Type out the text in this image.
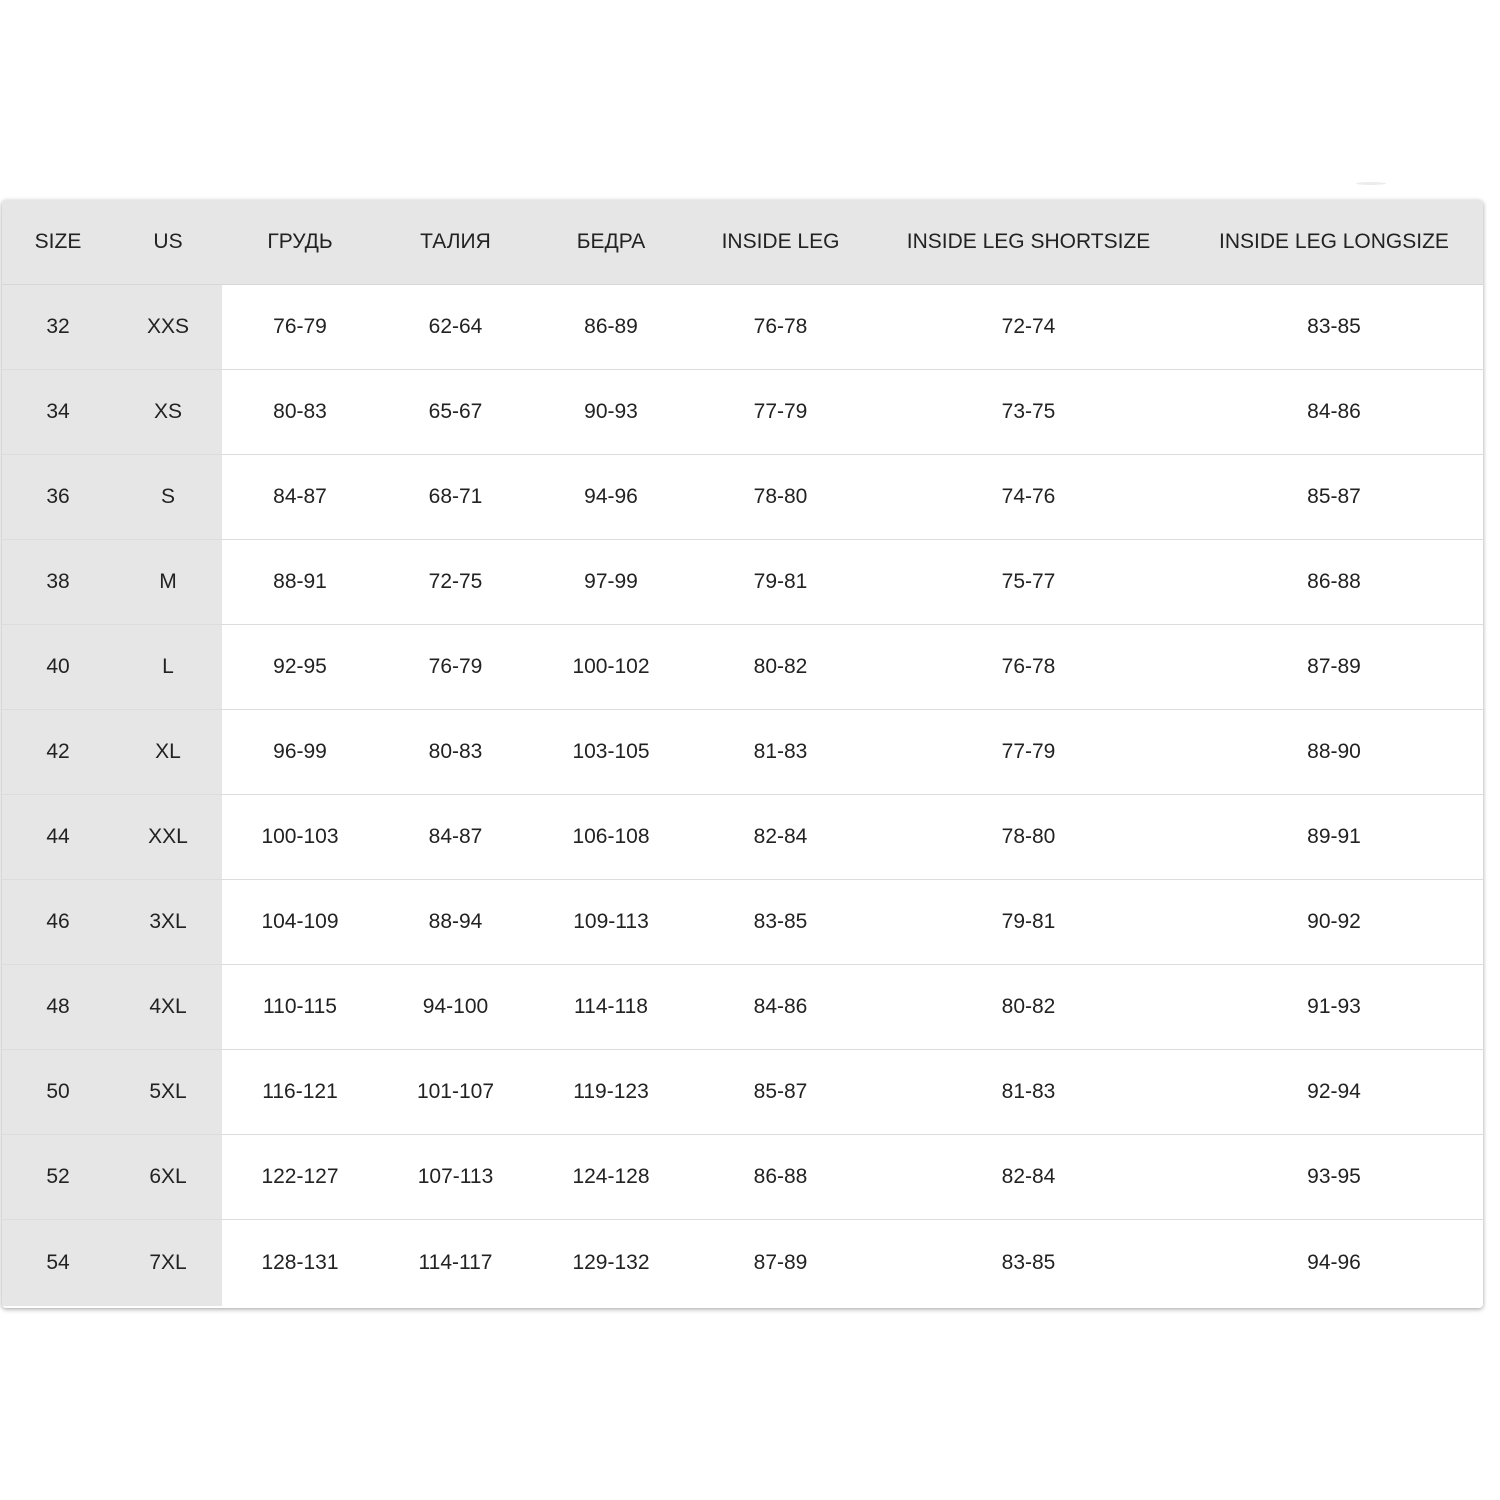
SIZE	US	ГРУДЬ	ТАЛИЯ	БЕДРА	INSIDE LEG	INSIDE LEG SHORTSIZE	INSIDE LEG LONGSIZE
32	XXS	76-79	62-64	86-89	76-78	72-74	83-85
34	XS	80-83	65-67	90-93	77-79	73-75	84-86
36	S	84-87	68-71	94-96	78-80	74-76	85-87
38	M	88-91	72-75	97-99	79-81	75-77	86-88
40	L	92-95	76-79	100-102	80-82	76-78	87-89
42	XL	96-99	80-83	103-105	81-83	77-79	88-90
44	XXL	100-103	84-87	106-108	82-84	78-80	89-91
46	3XL	104-109	88-94	109-113	83-85	79-81	90-92
48	4XL	110-115	94-100	114-118	84-86	80-82	91-93
50	5XL	116-121	101-107	119-123	85-87	81-83	92-94
52	6XL	122-127	107-113	124-128	86-88	82-84	93-95
54	7XL	128-131	114-117	129-132	87-89	83-85	94-96
